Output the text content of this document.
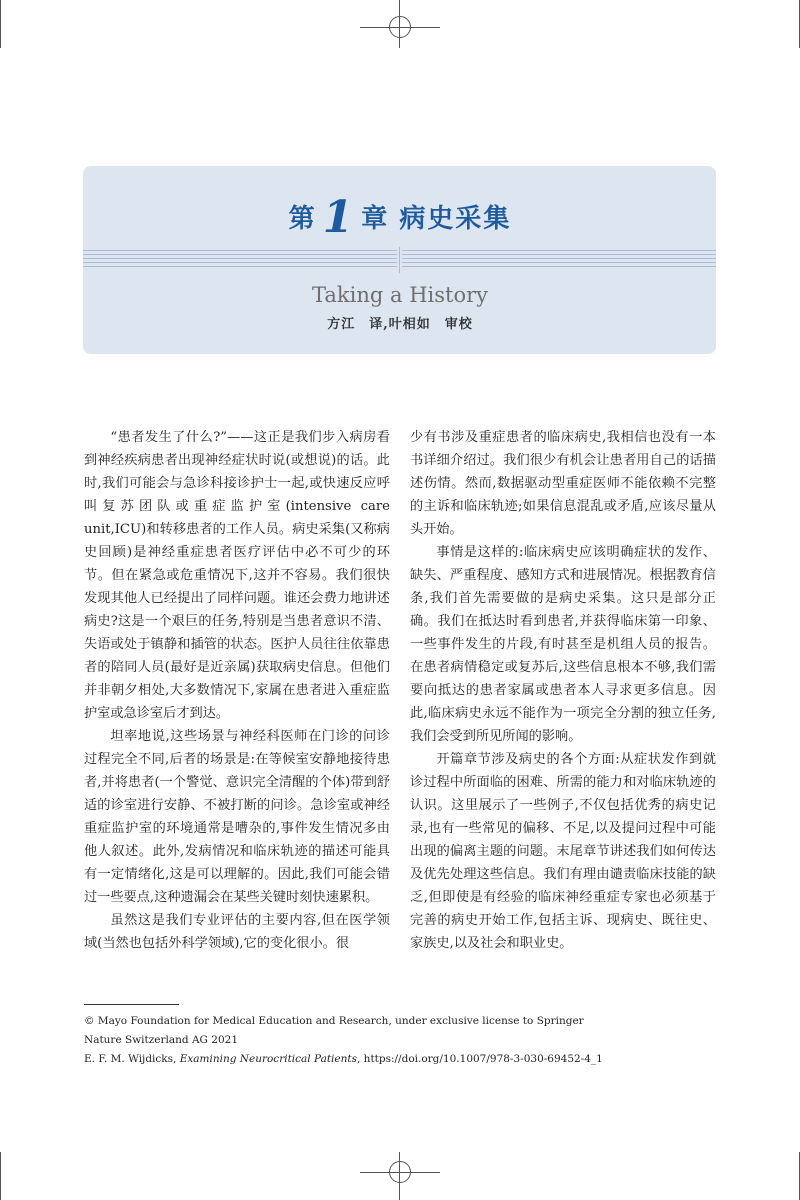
第 1 章 病史采集
Taking a History
方江　译,叶相如　审校

“患者发生了什么?”——这正是我们步入病房看到神经疾病患者出现神经症状时说(或想说)的话。此时,我们可能会与急诊科接诊护士一起,或快速反应呼叫复苏团队或重症监护室(intensive care unit,ICU)和转移患者的工作人员。病史采集(又称病史回顾)是神经重症患者医疗评估中必不可少的环节。但在紧急或危重情况下,这并不容易。我们很快发现其他人已经提出了同样问题。谁还会费力地讲述病史?这是一个艰巨的任务,特别是当患者意识不清、失语或处于镇静和插管的状态。医护人员往往依靠患者的陪同人员(最好是近亲属)获取病史信息。但他们并非朝夕相处,大多数情况下,家属在患者进入重症监护室或急诊室后才到达。

坦率地说,这些场景与神经科医师在门诊的问诊过程完全不同,后者的场景是:在等候室安静地接待患者,并将患者(一个警觉、意识完全清醒的个体)带到舒适的诊室进行安静、不被打断的问诊。急诊室或神经重症监护室的环境通常是嘈杂的,事件发生情况多由他人叙述。此外,发病情况和临床轨迹的描述可能具有一定情绪化,这是可以理解的。因此,我们可能会错过一些要点,这种遗漏会在某些关键时刻快速累积。

虽然这是我们专业评估的主要内容,但在医学领域(当然也包括外科学领域),它的变化很小。很

少有书涉及重症患者的临床病史,我相信也没有一本书详细介绍过。我们很少有机会让患者用自己的话描述伤情。然而,数据驱动型重症医师不能依赖不完整的主诉和临床轨迹;如果信息混乱或矛盾,应该尽量从头开始。

事情是这样的:临床病史应该明确症状的发作、缺失、严重程度、感知方式和进展情况。根据教育信条,我们首先需要做的是病史采集。这只是部分正确。我们在抵达时看到患者,并获得临床第一印象、一些事件发生的片段,有时甚至是机组人员的报告。在患者病情稳定或复苏后,这些信息根本不够,我们需要向抵达的患者家属或患者本人寻求更多信息。因此,临床病史永远不能作为一项完全分割的独立任务,我们会受到所见所闻的影响。

开篇章节涉及病史的各个方面:从症状发作到就诊过程中所面临的困难、所需的能力和对临床轨迹的认识。这里展示了一些例子,不仅包括优秀的病史记录,也有一些常见的偏移、不足,以及提问过程中可能出现的偏离主题的问题。末尾章节讲述我们如何传达及优先处理这些信息。我们有理由谴责临床技能的缺乏,但即使是有经验的临床神经重症专家也必须基于完善的病史开始工作,包括主诉、现病史、既往史、家族史,以及社会和职业史。

© Mayo Foundation for Medical Education and Research, under exclusive license to Springer
Nature Switzerland AG 2021
E. F. M. Wijdicks, Examining Neurocritical Patients, https://doi.org/10.1007/978-3-030-69452-4_1
